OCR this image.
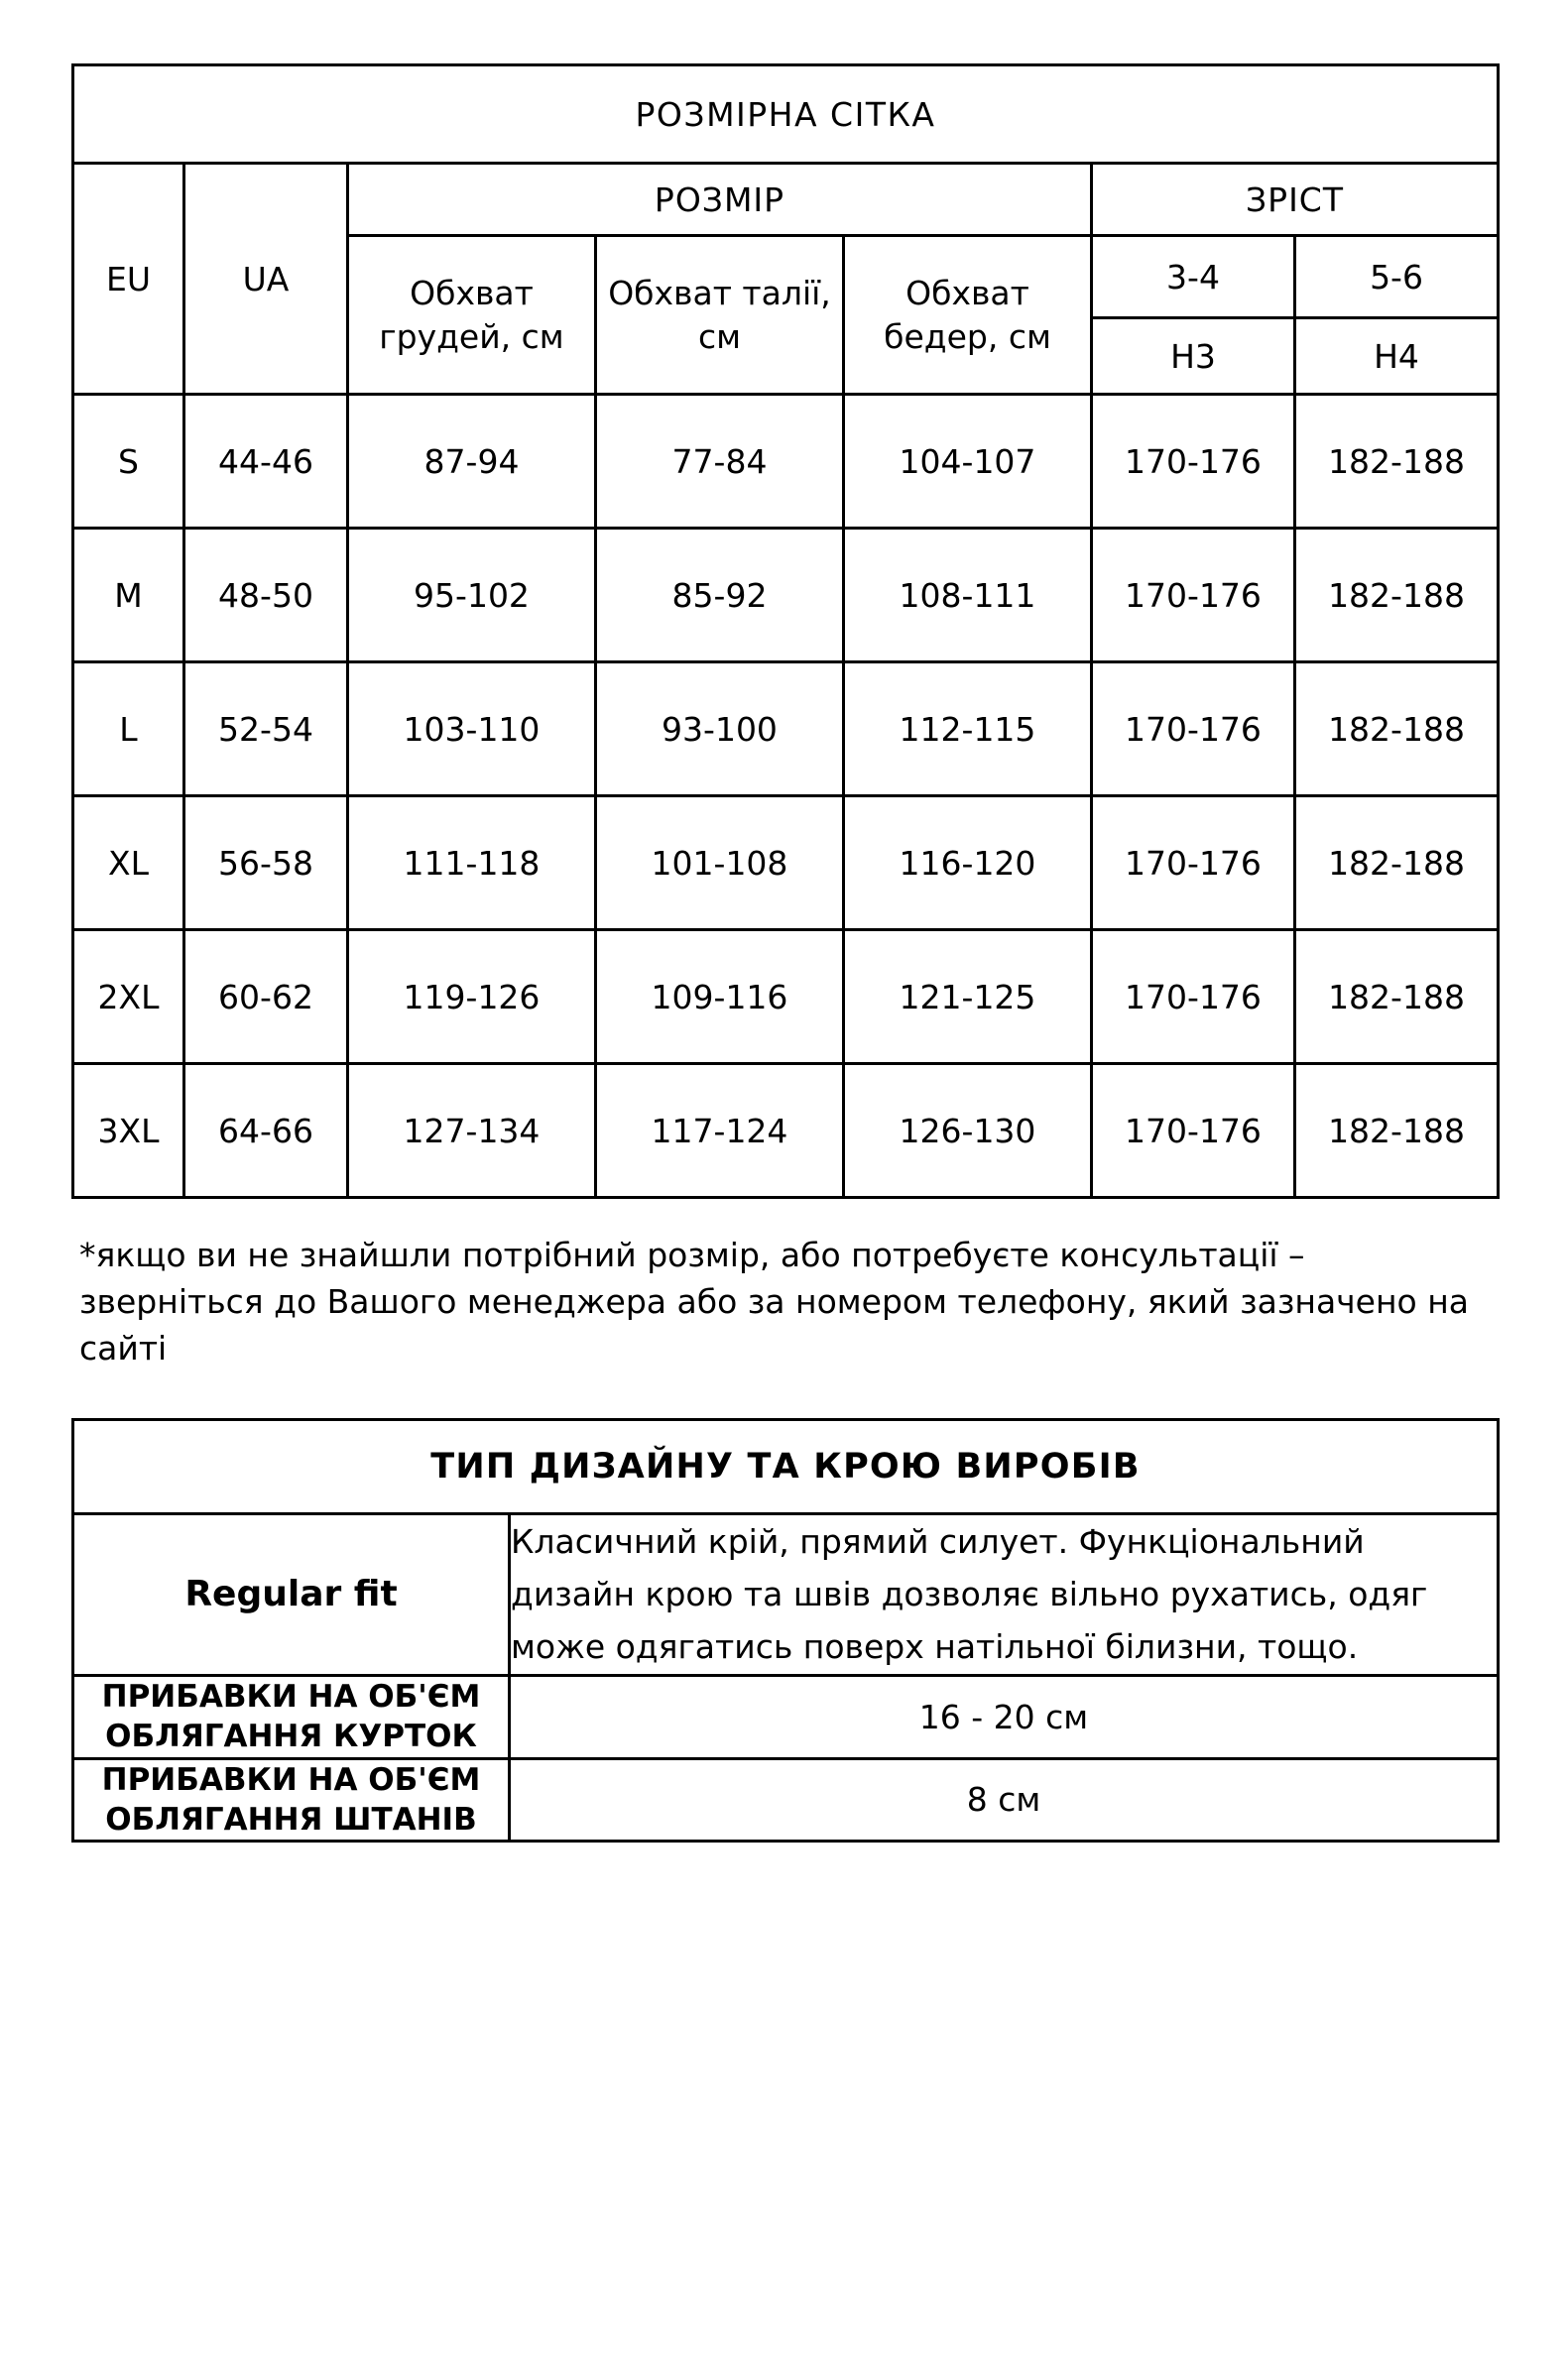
РОЗМІРНА СІТКА						
EU	UA	РОЗМІР			ЗРІСТ	
		Обхват грудей, см	Обхват талії, см	Обхват бедер, см	3-4	5-6
					Н3	Н4
S	44-46	87-94	77-84	104-107	170-176	182-188
M	48-50	95-102	85-92	108-111	170-176	182-188
L	52-54	103-110	93-100	112-115	170-176	182-188
XL	56-58	111-118	101-108	116-120	170-176	182-188
2XL	60-62	119-126	109-116	121-125	170-176	182-188
3XL	64-66	127-134	117-124	126-130	170-176	182-188

*якщо ви не знайшли потрібний розмір, або потребуєте консультації – зверніться до Вашого менеджера або за номером телефону, який зазначено на сайті

ТИП ДИЗАЙНУ ТА КРОЮ ВИРОБІВ	
Regular fit	Класичний крій, прямий силует. Функціональний дизайн крою та швів дозволяє вільно рухатись, одяг може одягатись поверх натільної білизни, тощо.
ПРИБАВКИ НА ОБ'ЄМ ОБЛЯГАННЯ КУРТОК	16 - 20 см
ПРИБАВКИ НА ОБ'ЄМ ОБЛЯГАННЯ ШТАНІВ	8 см
